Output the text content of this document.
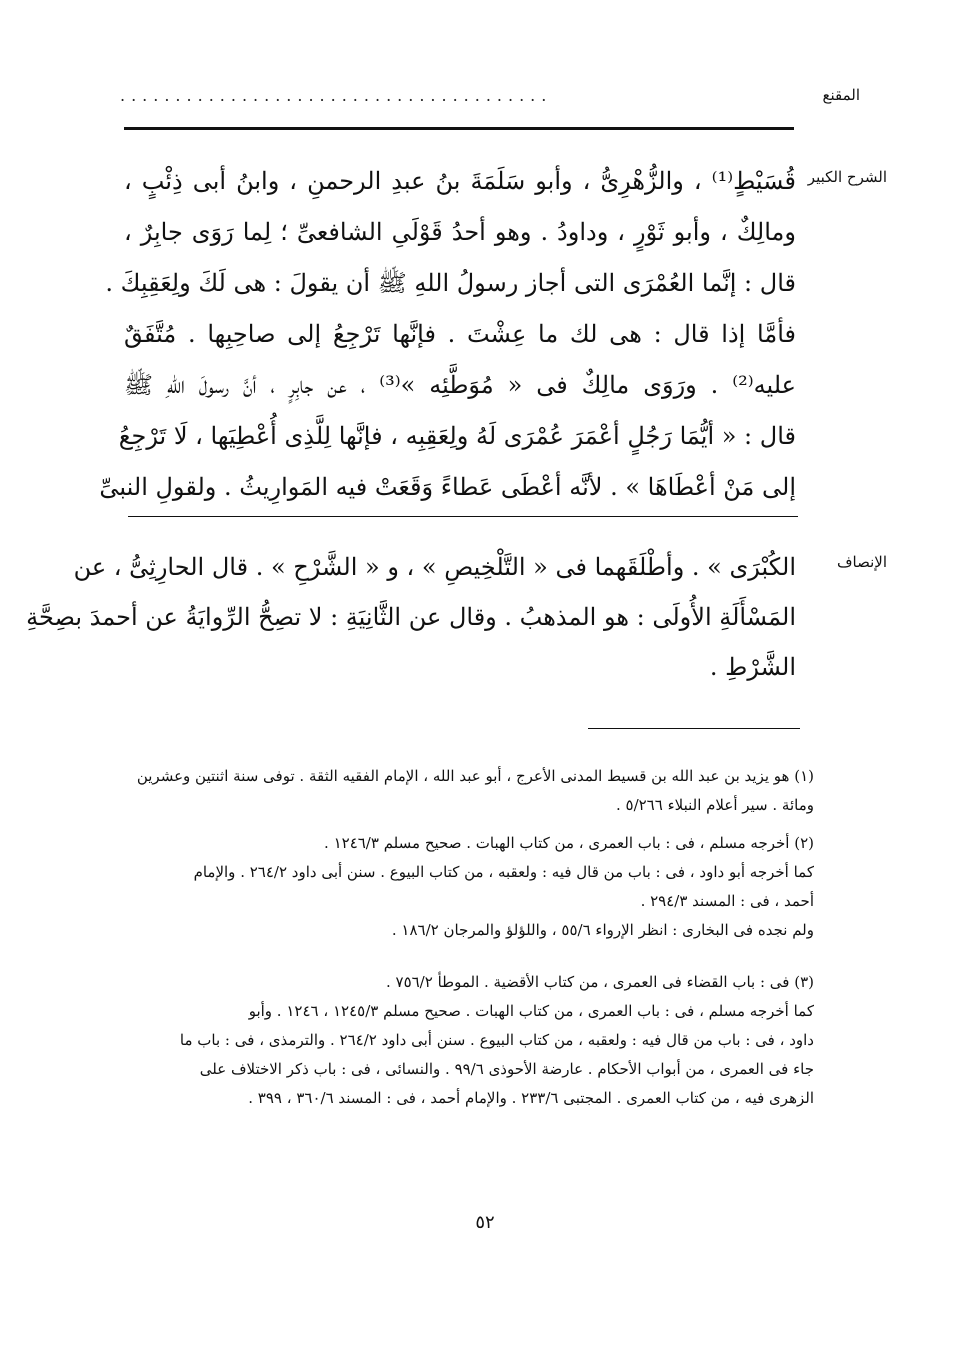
المقنع
.......................................
الشرح الكبير
قُسَيْطٍ⁽¹⁾ ، والزُّهْرِىُّ ، وأبو سَلَمَةَ بنُ عبدِ الرحمنِ ، وابنُ أبى ذِئْبٍ ،
ومالِكٌ ، وأبو ثَوْرٍ ، وداودُ . وهو أحدُ قَوْلَىِ الشافعىِّ ؛ لِما رَوَى جابِرٌ ،
قال : إنَّما العُمْرَى التى أجاز رسولُ اللهِ ﷺ أن يقولَ : هى لَكَ ولِعَقِبِكَ .
فأمَّا إذا قال : هى لك ما عِشْتَ . فإنَّها تَرْجِعُ إلى صاحِبِها . مُتَّفَقٌ
عليه⁽²⁾ . ورَوَى مالِكٌ فى « مُوَطَّئِه »⁽³⁾ ، عن جابِرٍ ، أنَّ رسولَ اللهِ ﷺ
قال : « أيُّمَا رَجُلٍ أعْمَرَ عُمْرَى لَهُ ولِعَقِبِه ، فإنَّها لِلَّذِى أُعْطِيَها ، لَا تَرْجِعُ
إلى مَنْ أعْطَاهَا » . لأنَّه أعْطَى عَطاءً وَقَعَتْ فيه المَوارِيثُ . ولقولِ النبىِّ
الإنصاف
الكُبْرَى » . وأطْلَقَهما فى « التَّلْخِيصِ » ، و « الشَّرْحِ » . قال الحارِثِىُّ ، عن
المَسْأَلَةِ الأُولَى : هو المذهبُ . وقال عن الثَّانِيَةِ : لا تصِحُّ الرِّوايَةُ عن أحمدَ بصِحَّةِ
الشَّرْطِ .
(١) هو يزيد بن عبد الله بن قسيط المدنى الأعرج ، أبو عبد الله ، الإمام الفقيه الثقة . توفى سنة اثنتين وعشرين
ومائة . سير أعلام النبلاء ٥/٢٦٦ .
(٢) أخرجه مسلم ، فى : باب العمرى ، من كتاب الهبات . صحيح مسلم ١٢٤٦/٣ .
كما أخرجه أبو داود ، فى : باب من قال فيه : ولعقبه ، من كتاب البيوع . سنن أبى داود ٢٦٤/٢ . والإمام
أحمد ، فى : المسند ٢٩٤/٣ .
ولم نجده فى البخارى : انظر الإرواء ٥٥/٦ ، واللؤلؤ والمرجان ١٨٦/٢ .
(٣) فى : باب القضاء فى العمرى ، من كتاب الأقضية . الموطأ ٧٥٦/٢ .
كما أخرجه مسلم ، فى : باب العمرى ، من كتاب الهبات . صحيح مسلم ١٢٤٥/٣ ، ١٢٤٦ . وأبو
داود ، فى : باب من قال فيه : ولعقبه ، من كتاب البيوع . سنن أبى داود ٢٦٤/٢ . والترمذى ، فى : باب ما
جاء فى العمرى ، من أبواب الأحكام . عارضة الأحوذى ٩٩/٦ . والنسائى ، فى : باب ذكر الاختلاف على
الزهرى فيه ، من كتاب العمرى . المجتبى ٢٣٣/٦ . والإمام أحمد ، فى : المسند ٣٦٠/٦ ، ٣٩٩ .
٥٢
